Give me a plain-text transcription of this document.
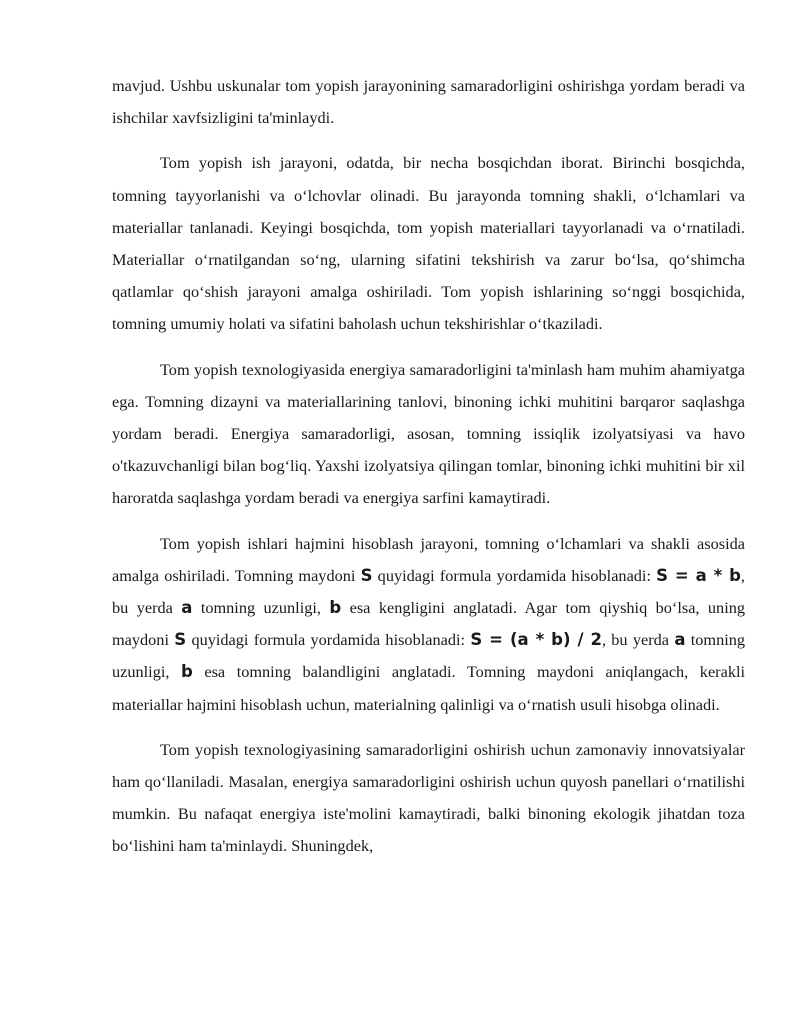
mavjud. Ushbu uskunalar tom yopish jarayonining samaradorligini oshirishga yordam beradi va ishchilar xavfsizligini ta'minlaydi.

Tom yopish ish jarayoni, odatda, bir necha bosqichdan iborat. Birinchi bosqichda, tomning tayyorlanishi va o‘lchovlar olinadi. Bu jarayonda tomning shakli, o‘lchamlari va materiallar tanlanadi. Keyingi bosqichda, tom yopish materiallari tayyorlanadi va o‘rnatiladi. Materiallar o‘rnatilgandan so‘ng, ularning sifatini tekshirish va zarur bo‘lsa, qo‘shimcha qatlamlar qo‘shish jarayoni amalga oshiriladi. Tom yopish ishlarining so‘nggi bosqichida, tomning umumiy holati va sifatini baholash uchun tekshirishlar o‘tkaziladi.

Tom yopish texnologiyasida energiya samaradorligini ta'minlash ham muhim ahamiyatga ega. Tomning dizayni va materiallarining tanlovi, binoning ichki muhitini barqaror saqlashga yordam beradi. Energiya samaradorligi, asosan, tomning issiqlik izolyatsiyasi va havo o'tkazuvchanligi bilan bog‘liq. Yaxshi izolyatsiya qilingan tomlar, binoning ichki muhitini bir xil haroratda saqlashga yordam beradi va energiya sarfini kamaytiradi.

Tom yopish ishlari hajmini hisoblash jarayoni, tomning o‘lchamlari va shakli asosida amalga oshiriladi. Tomning maydoni S quyidagi formula yordamida hisoblanadi: S = a * b, bu yerda a tomning uzunligi, b esa kengligini anglatadi. Agar tom qiyshiq bo‘lsa, uning maydoni S quyidagi formula yordamida hisoblanadi: S = (a * b) / 2, bu yerda a tomning uzunligi, b esa tomning balandligini anglatadi. Tomning maydoni aniqlangach, kerakli materiallar hajmini hisoblash uchun, materialning qalinligi va o‘rnatish usuli hisobga olinadi.

Tom yopish texnologiyasining samaradorligini oshirish uchun zamonaviy innovatsiyalar ham qo‘llaniladi. Masalan, energiya samaradorligini oshirish uchun quyosh panellari o‘rnatilishi mumkin. Bu nafaqat energiya iste'molini kamaytiradi, balki binoning ekologik jihatdan toza bo‘lishini ham ta'minlaydi. Shuningdek,
